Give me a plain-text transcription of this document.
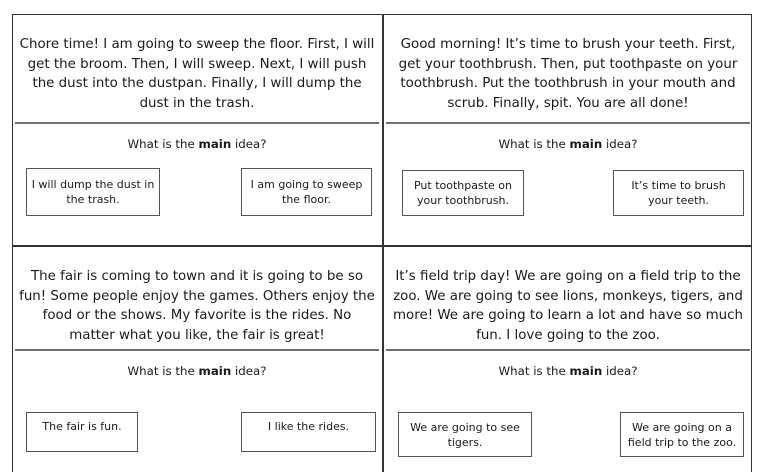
Chore time! I am going to sweep the floor. First, I will get the broom. Then, I will sweep. Next, I will push the dust into the dustpan. Finally, I will dump the dust in the trash.
What is the main idea?
I will dump the dust in the trash.
I am going to sweep the floor.
Good morning! It’s time to brush your teeth. First, get your toothbrush. Then, put toothpaste on your toothbrush. Put the toothbrush in your mouth and scrub. Finally, spit. You are all done!
What is the main idea?
Put toothpaste on your toothbrush.
It’s time to brush your teeth.
The fair is coming to town and it is going to be so fun! Some people enjoy the games. Others enjoy the food or the shows. My favorite is the rides. No matter what you like, the fair is great!
What is the main idea?
The fair is fun.	I like the rides.
It’s field trip day! We are going on a field trip to the zoo. We are going to see lions, monkeys, tigers, and more! We are going to learn a lot and have so much fun. I love going to the zoo.
What is the main idea?
We are going to see tigers.
We are going on a field trip to the zoo.
